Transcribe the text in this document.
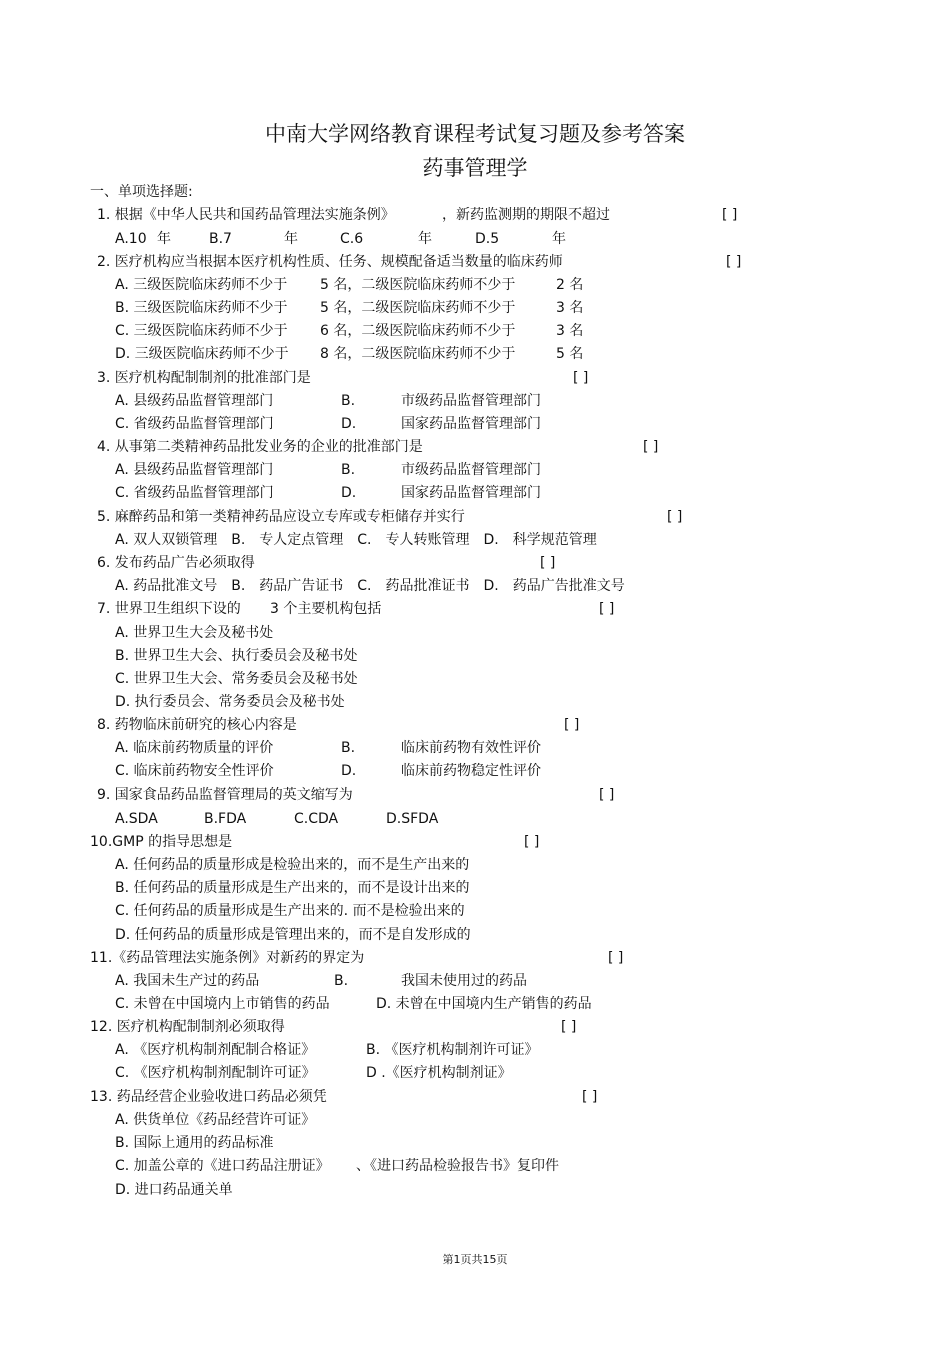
中南大学网络教育课程考试复习题及参考答案
药事管理学
一、单项选择题:
1. 根据《中华人民共和国药品管理法实施条例》	，新药监测期的期限不超过	[ ]
A.10 年	B.7	年	C.6	年	D.5	年
2. 医疗机构应当根据本医疗机构性质、任务、规模配备适当数量的临床药师	[ ]
A. 三级医院临床药师不少于 5 名，二级医院临床药师不少于	2 名
B. 三级医院临床药师不少于 5 名，二级医院临床药师不少于	3 名
C. 三级医院临床药师不少于 6 名，二级医院临床药师不少于	3 名
D. 三级医院临床药师不少于 8 名，二级医院临床药师不少于	5 名
3. 医疗机构配制制剂的批准部门是	[ ]
A. 县级药品监督管理部门	B.	市级药品监督管理部门
C. 省级药品监督管理部门	D.	国家药品监督管理部门
4. 从事第二类精神药品批发业务的企业的批准部门是	[ ]
A. 县级药品监督管理部门	B.	市级药品监督管理部门
C. 省级药品监督管理部门	D.	国家药品监督管理部门
5. 麻醉药品和第一类精神药品应设立专库或专柜储存并实行	[ ]
A. 双人双锁管理　B.　专人定点管理　C.　专人转账管理　D.　科学规范管理
6. 发布药品广告必须取得	[ ]
A. 药品批准文号　B.　药品广告证书　C.　药品批准证书　D.　药品广告批准文号
7. 世界卫生组织下设的 3 个主要机构包括	[ ]
A. 世界卫生大会及秘书处
B. 世界卫生大会、执行委员会及秘书处
C. 世界卫生大会、常务委员会及秘书处
D. 执行委员会、常务委员会及秘书处
8. 药物临床前研究的核心内容是	[ ]
A. 临床前药物质量的评价	B.	临床前药物有效性评价
C. 临床前药物安全性评价	D.	临床前药物稳定性评价
9. 国家食品药品监督管理局的英文缩写为	[ ]
A.SDA	B.FDA	C.CDA	D.SFDA
10.GMP 的指导思想是	[ ]
A. 任何药品的质量形成是检验出来的，而不是生产出来的
B. 任何药品的质量形成是生产出来的，而不是设计出来的
C. 任何药品的质量形成是生产出来的. 而不是检验出来的
D. 任何药品的质量形成是管理出来的，而不是自发形成的
11.《药品管理法实施条例》对新药的界定为	[ ]
A. 我国未生产过的药品	B.	我国未使用过的药品
C. 未曾在中国境内上市销售的药品	D. 未曾在中国境内生产销售的药品
12. 医疗机构配制制剂必须取得	[ ]
A. 《医疗机构制剂配制合格证》	B. 《医疗机构制剂许可证》
C. 《医疗机构制剂配制许可证》	D .《医疗机构制剂证》
13. 药品经营企业验收进口药品必须凭	[ ]
A. 供货单位《药品经营许可证》
B. 国际上通用的药品标准
C. 加盖公章的《进口药品注册证》 、《进口药品检验报告书》复印件
D. 进口药品通关单
第1页共15页
